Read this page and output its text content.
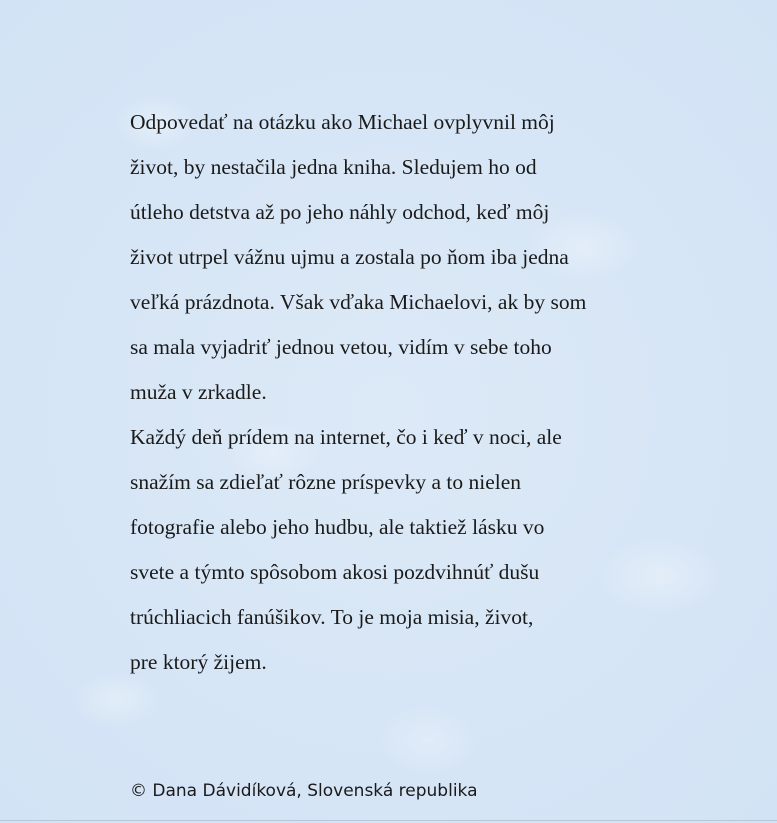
Odpovedať na otázku ako Michael ovplyvnil môj
život, by nestačila jedna kniha. Sledujem ho od
útleho detstva až po jeho náhly odchod, keď môj
život utrpel vážnu ujmu a zostala po ňom iba jedna
veľká prázdnota. Však vďaka Michaelovi, ak by som
sa mala vyjadriť jednou vetou, vidím v sebe toho
muža v zrkadle.
Každý deň prídem na internet, čo i keď v noci, ale
snažím sa zdieľať rôzne príspevky a to nielen
fotografie alebo jeho hudbu, ale taktiež lásku vo
svete a týmto spôsobom akosi pozdvihnúť dušu
trúchliacich fanúšikov. To je moja misia, život,
pre ktorý žijem.

© Dana Dávidíková, Slovenská republika
